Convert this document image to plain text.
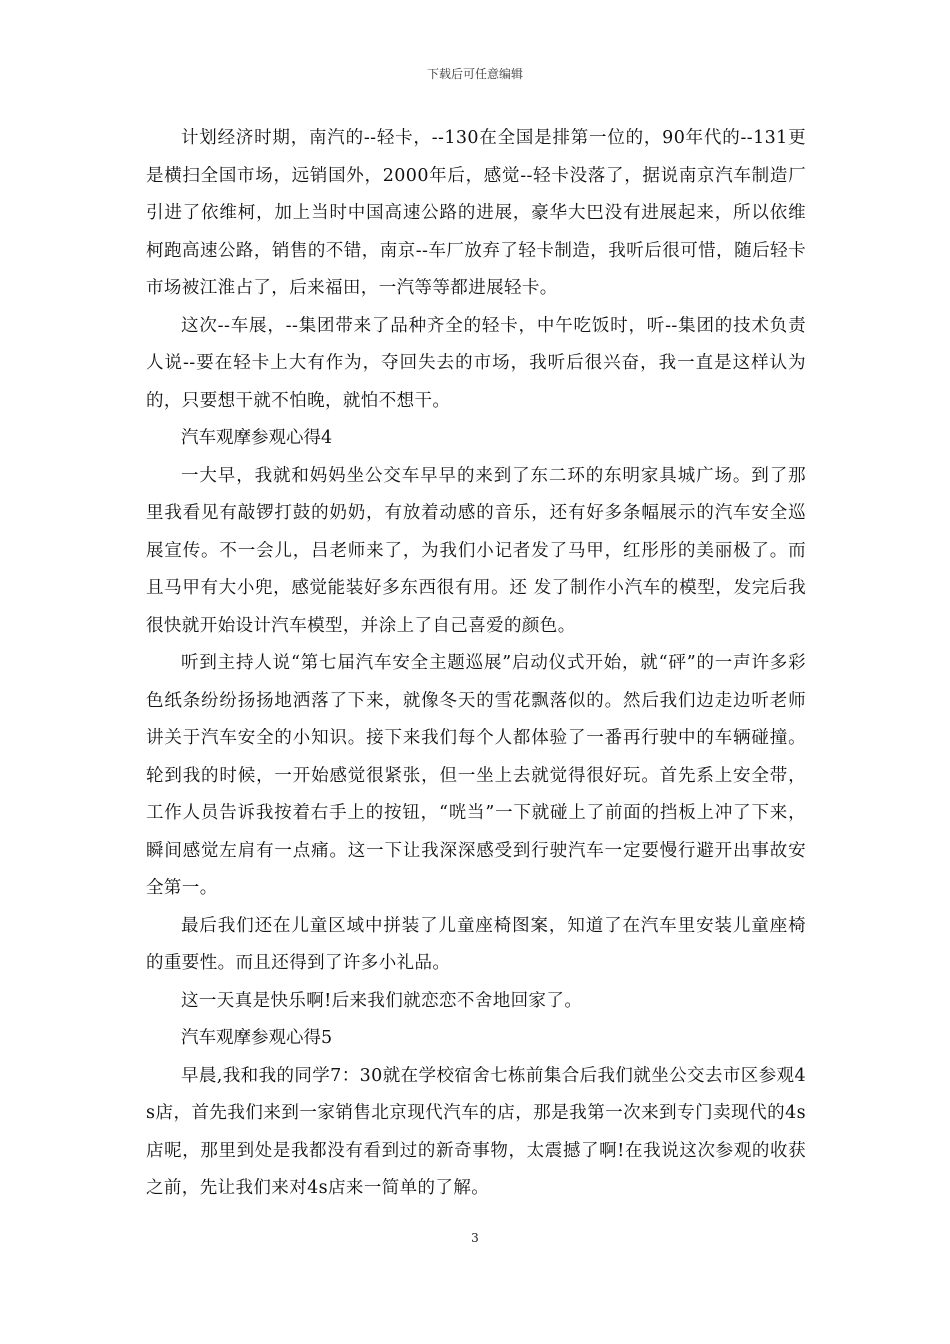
下载后可任意编辑

计划经济时期，南汽的--轻卡，--130在全国是排第一位的，90年代的--131更是横扫全国市场，远销国外，2000年后，感觉--轻卡没落了，据说南京汽车制造厂引进了依维柯，加上当时中国高速公路的进展，豪华大巴没有进展起来，所以依维柯跑高速公路，销售的不错，南京--车厂放弃了轻卡制造，我听后很可惜，随后轻卡市场被江淮占了，后来福田，一汽等等都进展轻卡。

这次--车展，--集团带来了品种齐全的轻卡，中午吃饭时，听--集团的技术负责人说--要在轻卡上大有作为，夺回失去的市场，我听后很兴奋，我一直是这样认为的，只要想干就不怕晚，就怕不想干。

汽车观摩参观心得4

一大早，我就和妈妈坐公交车早早的来到了东二环的东明家具城广场。到了那里我看见有敲锣打鼓的奶奶，有放着动感的音乐，还有好多条幅展示的汽车安全巡展宣传。不一会儿，吕老师来了，为我们小记者发了马甲，红彤彤的美丽极了。而且马甲有大小兜，感觉能装好多东西很有用。还 发了制作小汽车的模型，发完后我很快就开始设计汽车模型，并涂上了自己喜爱的颜色。

听到主持人说“第七届汽车安全主题巡展”启动仪式开始，就“砰”的一声许多彩色纸条纷纷扬扬地洒落了下来，就像冬天的雪花飘落似的。然后我们边走边听老师讲关于汽车安全的小知识。接下来我们每个人都体验了一番再行驶中的车辆碰撞。轮到我的时候，一开始感觉很紧张，但一坐上去就觉得很好玩。首先系上安全带，工作人员告诉我按着右手上的按钮，“咣当”一下就碰上了前面的挡板上冲了下来，瞬间感觉左肩有一点痛。这一下让我深深感受到行驶汽车一定要慢行避开出事故安全第一。

最后我们还在儿童区域中拼装了儿童座椅图案，知道了在汽车里安装儿童座椅的重要性。而且还得到了许多小礼品。

这一天真是快乐啊!后来我们就恋恋不舍地回家了。

汽车观摩参观心得5

早晨,我和我的同学7：30就在学校宿舍七栋前集合后我们就坐公交去市区参观4s店，首先我们来到一家销售北京现代汽车的店，那是我第一次来到专门卖现代的4s店呢，那里到处是我都没有看到过的新奇事物，太震撼了啊!在我说这次参观的收获之前，先让我们来对4s店来一简单的了解。

3
